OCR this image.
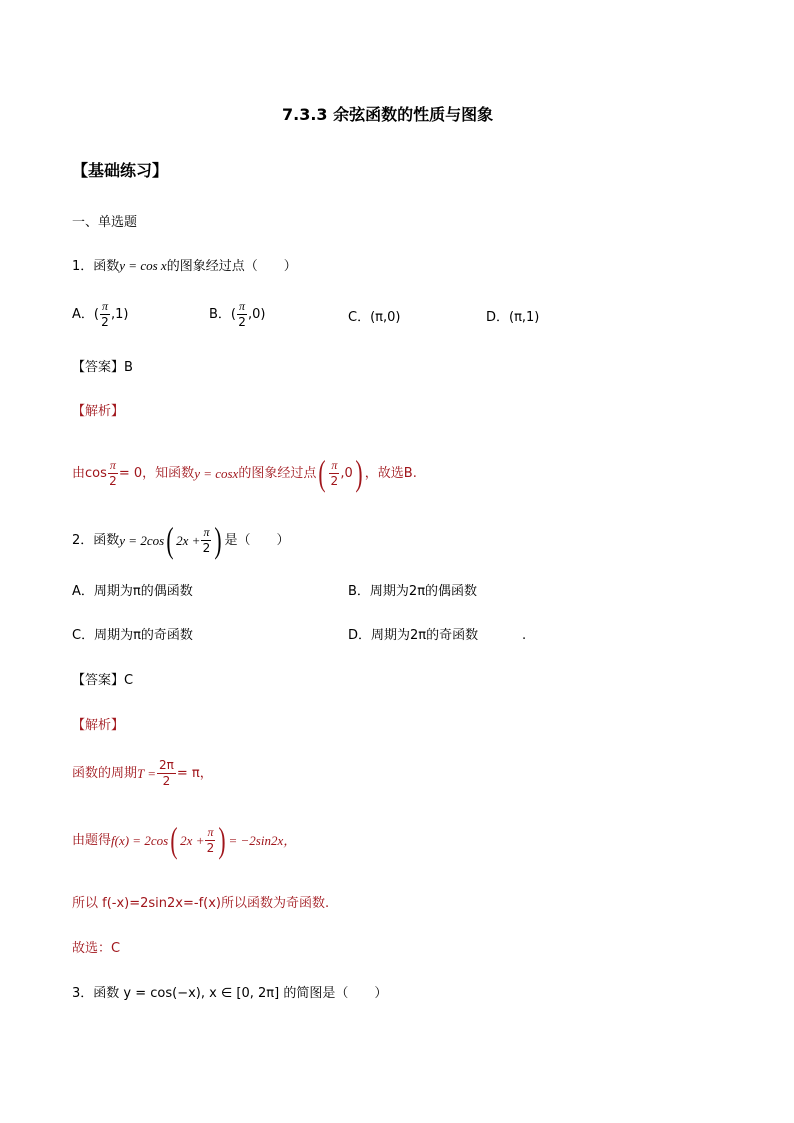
7.3.3 余弦函数的性质与图象
【基础练习】
一、单选题
1．函数y = cos x的图象经过点（　　）
A．( $\frac{\pi}{2} ,1$)	B．( $\frac{\pi}{2} ,0$)	C．(π,0)	D．(π,1)
【答案】B
【解析】
由$\cos \frac{\pi}{2} = 0$，知函数y = cosx的图象经过点( $\frac{\pi}{2} ,0$) ，故选B.
2．函数y = 2cos( $2x + \frac{\pi}{2}$ ) 是（　　）
A．周期为π的偶函数	B．周期为2π的偶函数
C．周期为π的奇函数	D．周期为2π的奇函数	.
【答案】C
【解析】
函数的周期$T = \frac{2\pi}{2} = \pi$，
由题得f(x) = 2cos( $2x + \frac{\pi}{2}$ ) = −2sin2x，
所以 f(-x)=2sin2x=-f(x)所以函数为奇函数.
故选：C
3．函数 y = cos(−x), x ∈ [0, 2π] 的简图是（　　）
